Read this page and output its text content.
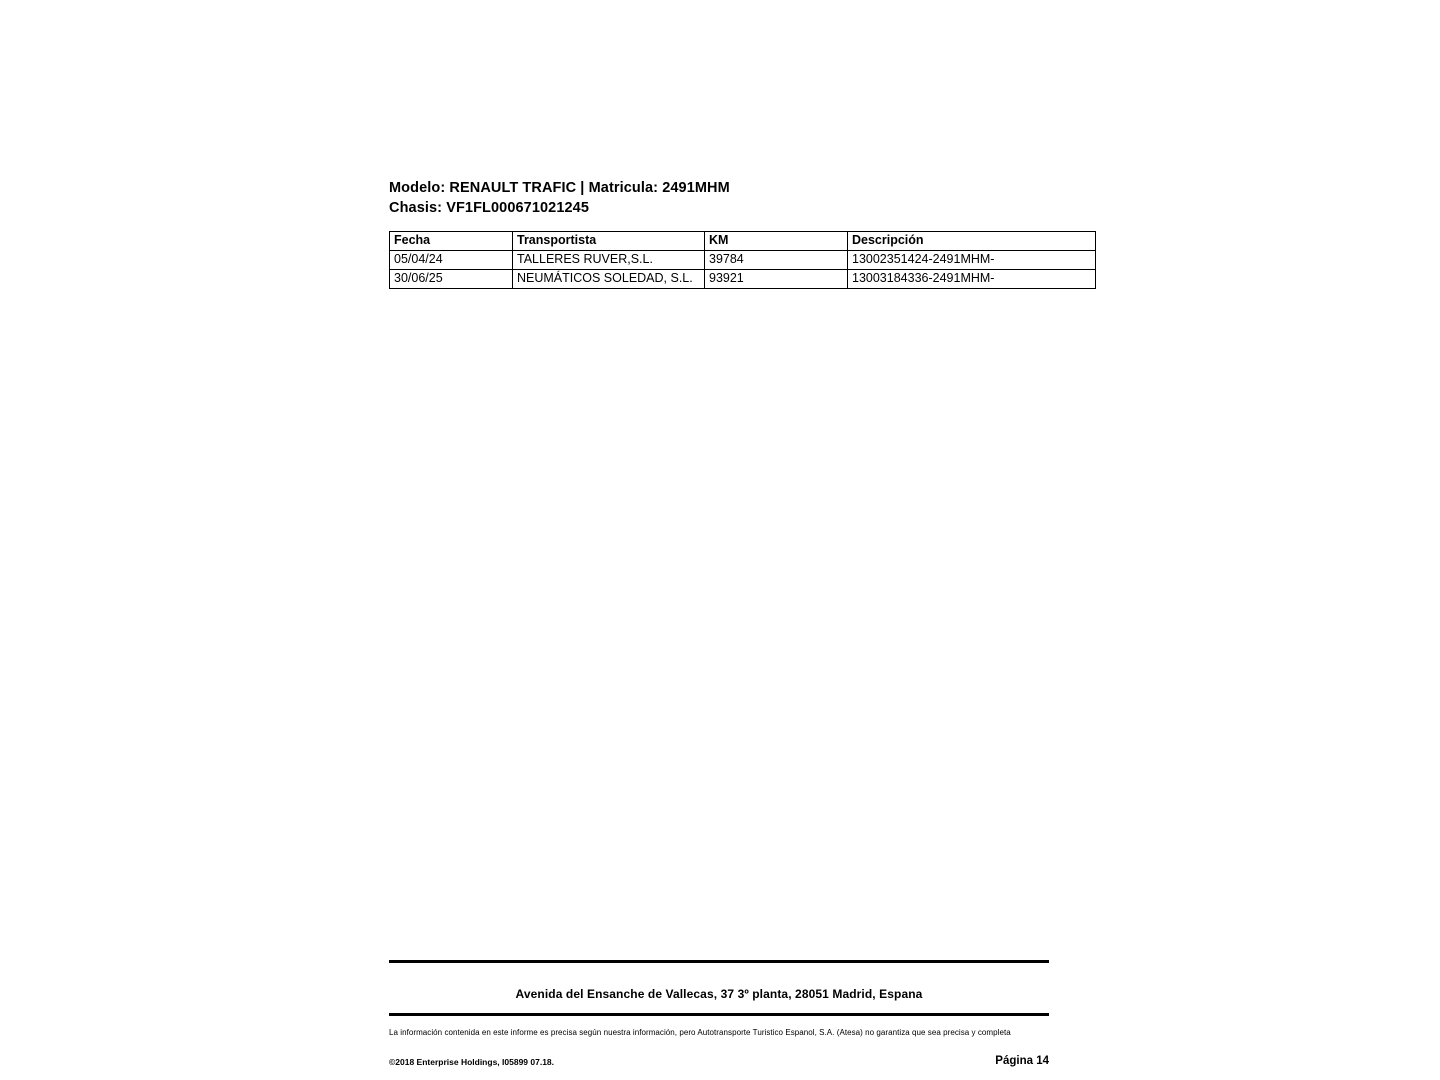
Modelo: RENAULT TRAFIC | Matricula: 2491MHM
Chasis: VF1FL000671021245
Fecha	Transportista	KM	Descripción
05/04/24	TALLERES RUVER,S.L.	39784	13002351424-2491MHM-
30/06/25	NEUMÁTICOS SOLEDAD, S.L.	93921	13003184336-2491MHM-
Avenida del Ensanche de Vallecas, 37 3º planta, 28051 Madrid, Espana
La información contenida en este informe es precisa según nuestra información, pero Autotransporte Turistico Espanol, S.A. (Atesa) no garantiza que sea precisa y completa
©2018 Enterprise Holdings, I05899 07.18.	Página 14
